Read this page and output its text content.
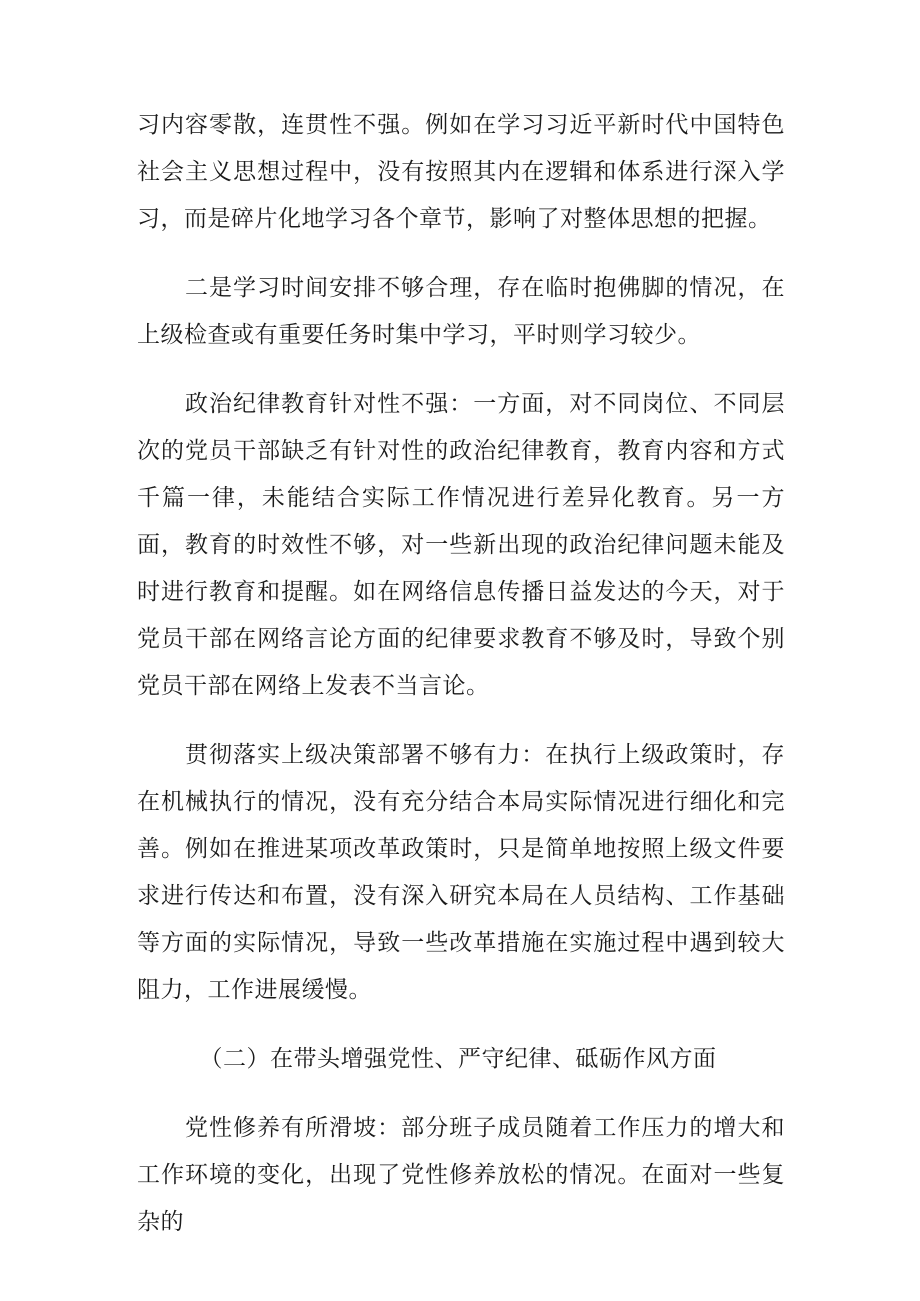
习内容零散，连贯性不强。例如在学习习近平新时代中国特色社会主义思想过程中，没有按照其内在逻辑和体系进行深入学习，而是碎片化地学习各个章节，影响了对整体思想的把握。

二是学习时间安排不够合理，存在临时抱佛脚的情况，在上级检查或有重要任务时集中学习，平时则学习较少。

政治纪律教育针对性不强：一方面，对不同岗位、不同层次的党员干部缺乏有针对性的政治纪律教育，教育内容和方式千篇一律，未能结合实际工作情况进行差异化教育。另一方面，教育的时效性不够，对一些新出现的政治纪律问题未能及时进行教育和提醒。如在网络信息传播日益发达的今天，对于党员干部在网络言论方面的纪律要求教育不够及时，导致个别党员干部在网络上发表不当言论。

贯彻落实上级决策部署不够有力：在执行上级政策时，存在机械执行的情况，没有充分结合本局实际情况进行细化和完善。例如在推进某项改革政策时，只是简单地按照上级文件要求进行传达和布置，没有深入研究本局在人员结构、工作基础等方面的实际情况，导致一些改革措施在实施过程中遇到较大阻力，工作进展缓慢。

（二）在带头增强党性、严守纪律、砥砺作风方面

党性修养有所滑坡：部分班子成员随着工作压力的增大和工作环境的变化，出现了党性修养放松的情况。在面对一些复杂的
